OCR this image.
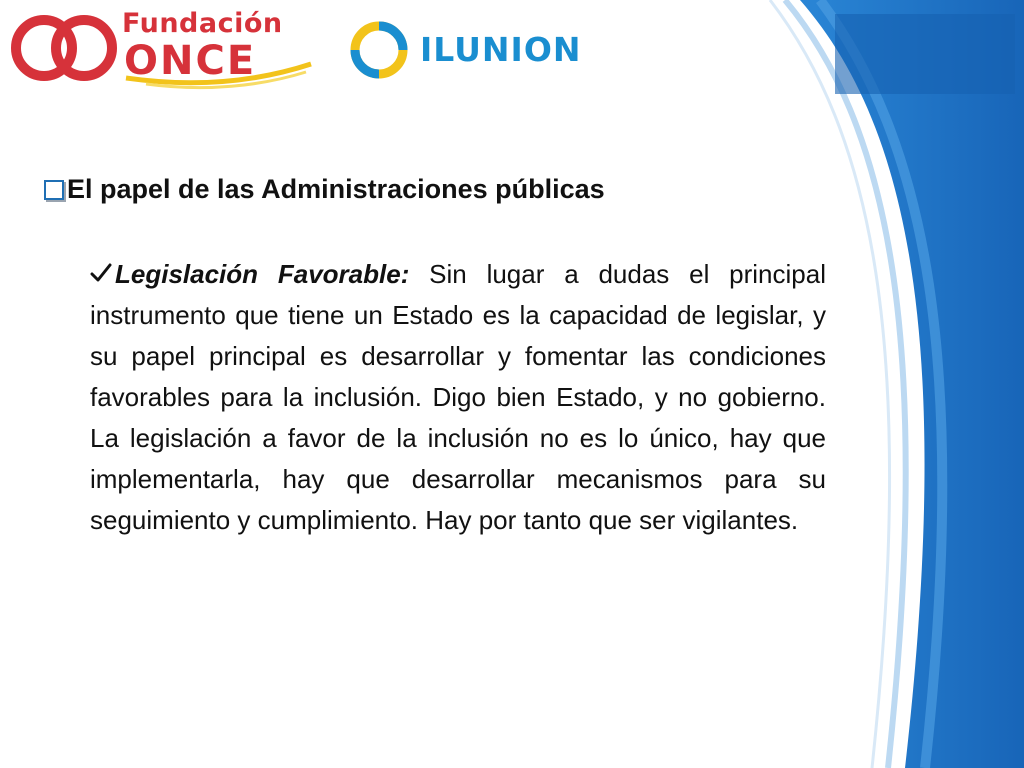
Fundación
ONCE	ILUNION
El papel de las Administraciones públicas
Legislación Favorable: Sin lugar a dudas el principal instrumento que tiene un Estado es la capacidad de legislar, y su papel principal es desarrollar y fomentar las condiciones favorables para la inclusión. Digo bien Estado, y no gobierno. La legislación a favor de la inclusión no es lo único, hay que implementarla, hay que desarrollar mecanismos para su seguimiento y cumplimiento. Hay por tanto que ser vigilantes.
